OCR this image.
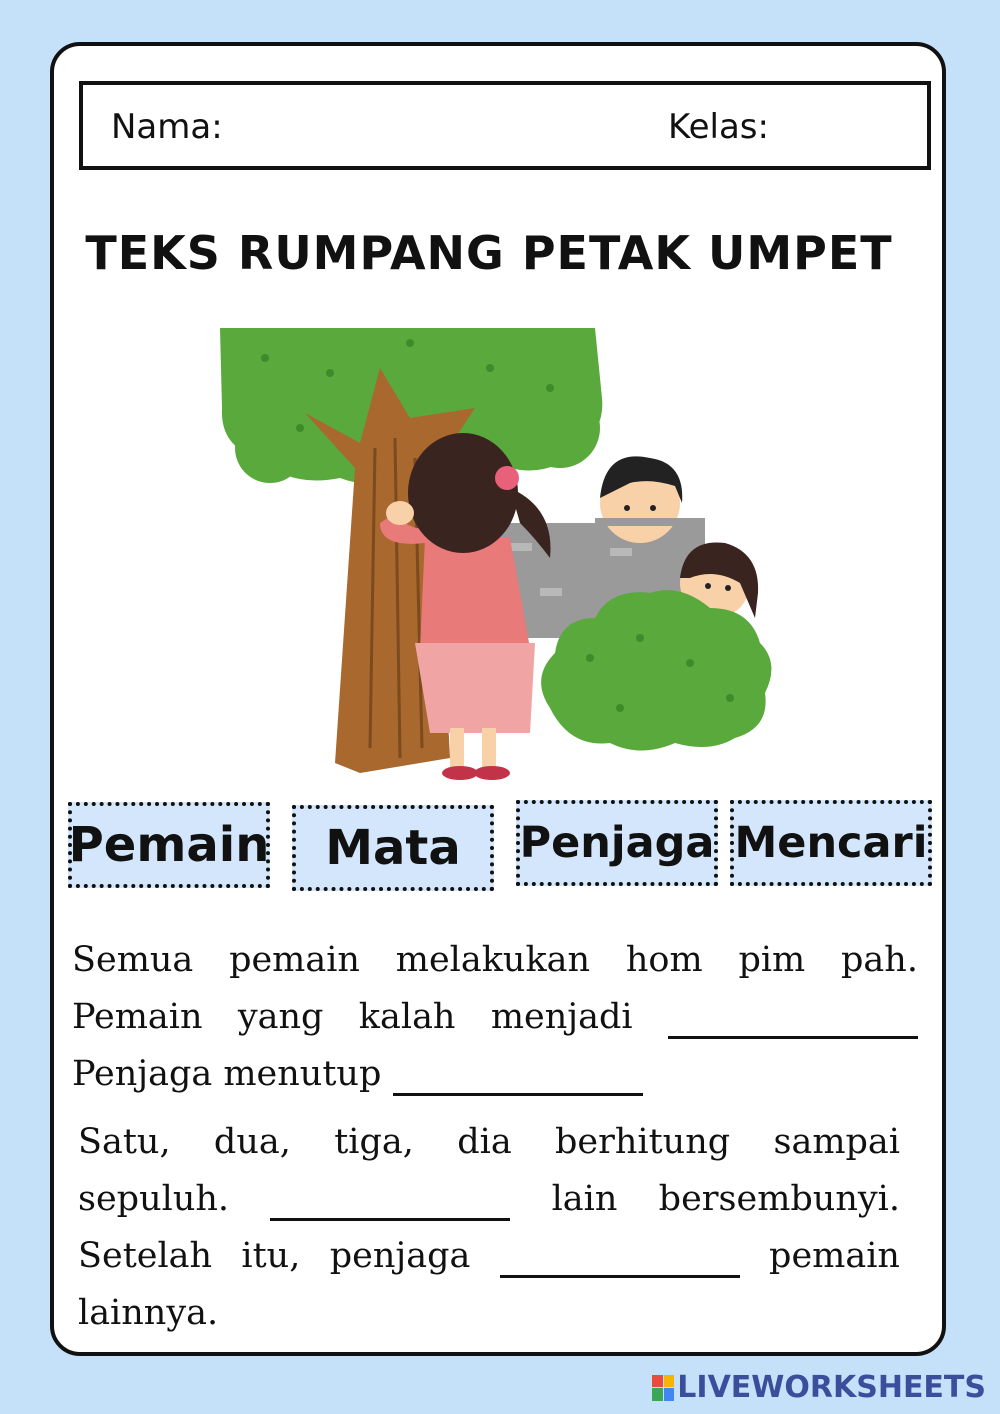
Nama:	Kelas:
TEKS RUMPANG PETAK UMPET
Pemain	Mata	Penjaga Mencari
Semua pemain melakukan hom pim pah.
Pemain yang kalah menjadi
Penjaga menutup
Satu, dua, tiga, dia berhitung sampai
sepuluh.	lain bersembunyi.
Setelah itu, penjaga	pemain
lainnya.
LIVEWORKSHEETS
